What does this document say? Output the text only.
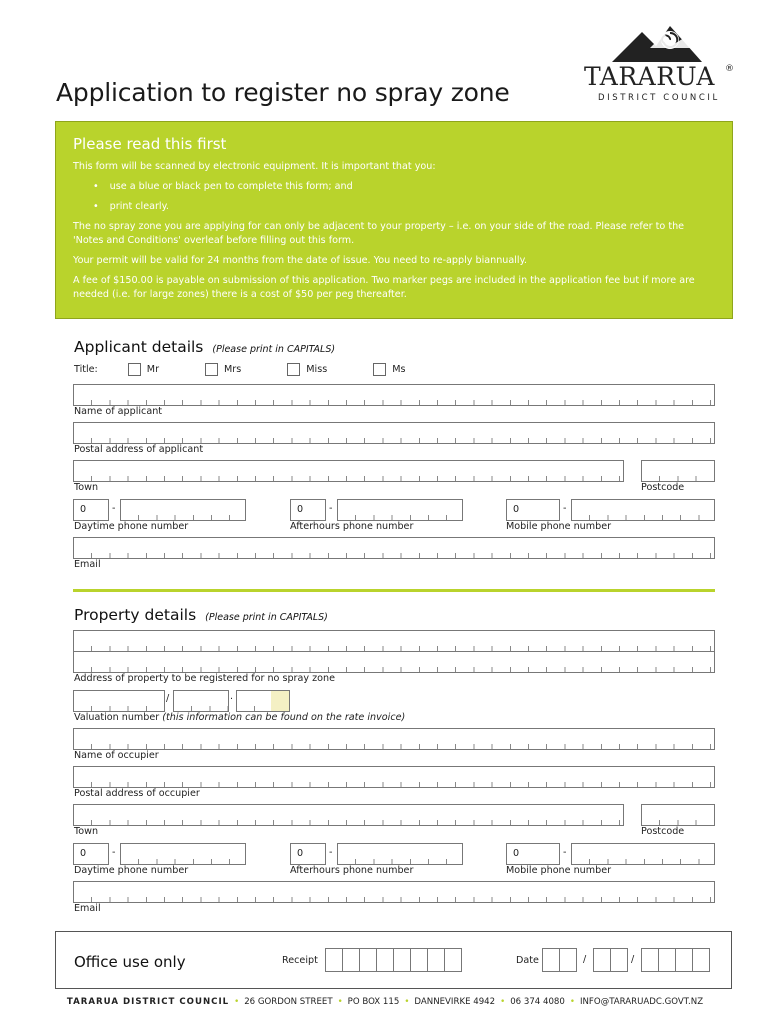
Application to register no spray zone
TARARUA ®
DISTRICT COUNCIL
Please read this first

This form will be scanned by electronic equipment. It is important that you:

• use a blue or black pen to complete this form; and

• print clearly.

The no spray zone you are applying for can only be adjacent to your property – i.e. on your side of the road. Please refer to the 'Notes and Conditions' overleaf before filling out this form.

Your permit will be valid for 24 months from the date of issue. You need to re-apply biannually.

A fee of $150.00 is payable on submission of this application. Two marker pegs are included in the application fee but if more are needed (i.e. for large zones) there is a cost of $50 per peg thereafter.

Applicant details (Please print in CAPITALS)
Title:	Mr	Mrs	Miss	Ms
Name of applicant
Postal address of applicant
Town	Postcode
0	-	0	-	0	-
Daytime phone number	Afterhours phone number	Mobile phone number
Email
Property details (Please print in CAPITALS)
Address of property to be registered for no spray zone
/	.
Valuation number (this information can be found on the rate invoice)
Name of occupier
Postal address of occupier
Town	Postcode
0	-	0	-	0	-
Daytime phone number	Afterhours phone number	Mobile phone number
Email
Office use only	Receipt	Date	/	/
TARARUA DISTRICT COUNCIL • 26 GORDON STREET • PO BOX 115 • DANNEVIRKE 4942 • 06 374 4080 • INFO@TARARUADC.GOVT.NZ
